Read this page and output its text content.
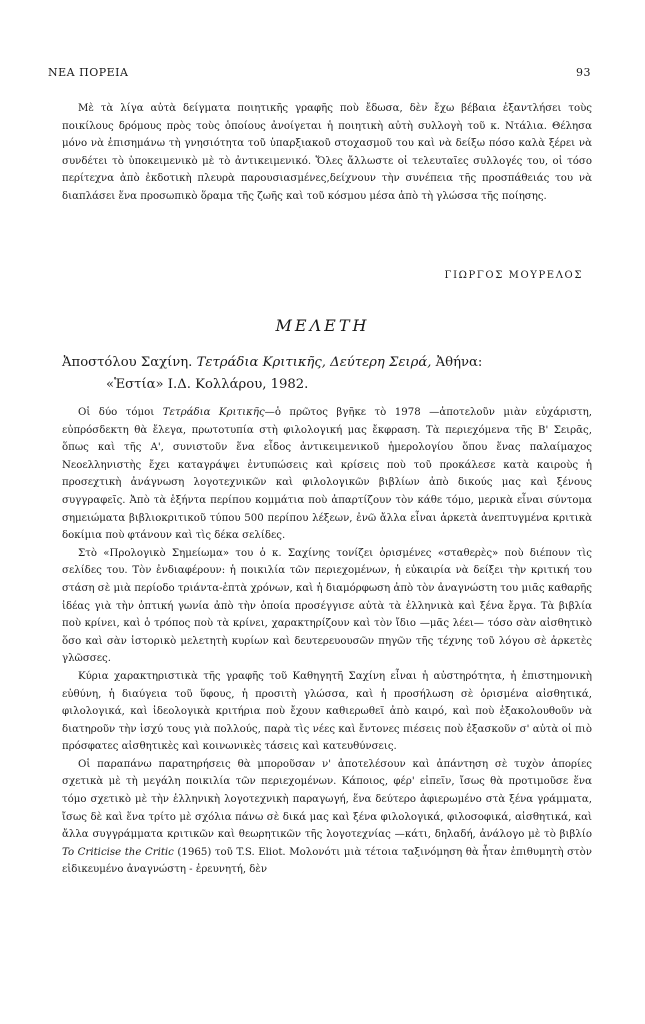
ΝΕΑ ΠΟΡΕΙΑ	93

Μὲ τὰ λίγα αὐτὰ δείγματα ποιητικῆς γραφῆς ποὺ ἔδωσα, δὲν ἔχω βέβαια ἐξαντλήσει τοὺς ποικίλους δρόμους πρὸς τοὺς ὁποίους ἀνοίγεται ἡ ποιητικὴ αὐτὴ συλλογὴ τοῦ κ. Ντάλια. Θέλησα μόνο νὰ ἐπισημάνω τὴ γνησιότητα τοῦ ὑπαρξιακοῦ στοχασμοῦ του καὶ νὰ δείξω πόσο καλὰ ξέρει νὰ συνδέτει τὸ ὑποκειμενικὸ μὲ τὸ ἀντικειμενικό. Ὅλες ἄλλωστε οἱ τελευταῖες συλλογές του, οἱ τόσο περίτεχνα ἀπὸ ἐκδοτικὴ πλευρὰ παρουσιασμένες,δείχνουν τὴν συνέπεια τῆς προσπάθειάς του νὰ διαπλάσει ἕνα προσωπικὸ ὅραμα τῆς ζωῆς καὶ τοῦ κόσμου μέσα ἀπὸ τὴ γλώσσα τῆς ποίησης.

ΓΙΩΡΓΟΣ ΜΟΥΡΕΛΟΣ
ΜΕΛΕΤΗ
Ἀποστόλου Σαχίνη. Τετράδια Κριτικῆς, Δεύτερη Σειρά, Ἀθήνα:
«Ἑστία» Ι.Δ. Κολλάρου, 1982.

Οἱ δύο τόμοι Τετράδια Κριτικῆς—ὁ πρῶτος βγῆκε τὸ 1978 —ἀποτελοῦν μιὰν εὐχάριστη, εὐπρόσδεκτη θὰ ἔλεγα, πρωτοτυπία στὴ φιλολογική μας ἔκφραση. Τὰ περιεχόμενα τῆς Β' Σειρᾶς, ὅπως καὶ τῆς Α', συνιστοῦν ἕνα εἶδος ἀντικειμενικοῦ ἡμερολογίου ὅπου ἕνας παλαίμαχος Νεοελληνιστὴς ἔχει καταγράψει ἐντυπώσεις καὶ κρίσεις ποὺ τοῦ προκάλεσε κατὰ καιροὺς ἡ προσεχτικὴ ἀνάγνωση λογοτεχνικῶν καὶ φιλολογικῶν βιβλίων ἀπὸ δικούς μας καὶ ξένους συγγραφεῖς. Ἀπὸ τὰ ἑξήντα περίπου κομμάτια ποὺ ἀπαρτίζουν τὸν κάθε τόμο, μερικὰ εἶναι σύντομα σημειώματα βιβλιοκριτικοῦ τύπου 500 περίπου λέξεων, ἐνῶ ἄλλα εἶναι ἀρκετὰ ἀνεπτυγμένα κριτικὰ δοκίμια ποὺ φτάνουν καὶ τὶς δέκα σελίδες.

Στὸ «Προλογικὸ Σημείωμα» του ὁ κ. Σαχίνης τονίζει ὁρισμένες «σταθερὲς» ποὺ διέπουν τὶς σελίδες του. Τὸν ἐνδιαφέρουν: ἡ ποικιλία τῶν περιεχομένων, ἡ εὐκαιρία νὰ δείξει τὴν κριτική του στάση σὲ μιὰ περίοδο τριάντα-ἑπτὰ χρόνων, καὶ ἡ διαμόρφωση ἀπὸ τὸν ἀναγνώστη του μιᾶς καθαρῆς ἰδέας γιὰ τὴν ὀπτική γωνία ἀπὸ τὴν ὁποία προσέγγισε αὐτὰ τὰ ἑλληνικὰ καὶ ξένα ἔργα. Τὰ βιβλία ποὺ κρίνει, καὶ ὁ τρόπος ποὺ τὰ κρίνει, χαρακτηρίζουν καὶ τὸν ἴδιο —μᾶς λέει— τόσο σὰν αἰσθητικὸ ὅσο καὶ σὰν ἱστορικὸ μελετητὴ κυρίων καὶ δευτερευουσῶν πηγῶν τῆς τέχνης τοῦ λόγου σὲ ἀρκετὲς γλῶσσες.

Κύρια χαρακτηριστικὰ τῆς γραφῆς τοῦ Καθηγητῆ Σαχίνη εἶναι ἡ αὐστηρότητα, ἡ ἐπιστημονικὴ εὐθύνη, ἡ διαύγεια τοῦ ὕφους, ἡ προσιτὴ γλώσσα, καὶ ἡ προσήλωση σὲ ὁρισμένα αἰσθητικά, φιλολογικά, καὶ ἰδεολογικὰ κριτήρια ποὺ ἔχουν καθιερωθεῖ ἀπὸ καιρό, καὶ ποὺ ἐξακολουθοῦν νὰ διατηροῦν τὴν ἰσχύ τους γιὰ πολλούς, παρὰ τὶς νέες καὶ ἔντονες πιέσεις ποὺ ἐξασκοῦν σ' αὐτὰ οἱ πιὸ πρόσφατες αἰσθητικὲς καὶ κοινωνικὲς τάσεις καὶ κατευθύνσεις.

Οἱ παραπάνω παρατηρήσεις θὰ μποροῦσαν ν' ἀποτελέσουν καὶ ἀπάντηση σὲ τυχὸν ἀπορίες σχετικὰ μὲ τὴ μεγάλη ποικιλία τῶν περιεχομένων. Κάποιος, φέρ' εἰπεῖν, ἴσως θὰ προτιμοῦσε ἕνα τόμο σχετικὸ μὲ τὴν ἑλληνικὴ λογοτεχνικὴ παραγωγή, ἕνα δεύτερο ἀφιερωμένο στὰ ξένα γράμματα, ἴσως δὲ καὶ ἕνα τρίτο μὲ σχόλια πάνω σὲ δικά μας καὶ ξένα φιλολογικά, φιλοσοφικά, αἰσθητικά, καὶ ἄλλα συγγράμματα κριτικῶν καὶ θεωρητικῶν τῆς λογοτεχνίας —κάτι, δηλαδή, ἀνάλογο μὲ τὸ βιβλίο To Criticise the Critic (1965) τοῦ T.S. Eliot. Μολονότι μιὰ τέτοια ταξινόμηση θὰ ἦταν ἐπιθυμητὴ στὸν εἰδικευμένο ἀναγνώστη - ἐρευνητή, δὲν
